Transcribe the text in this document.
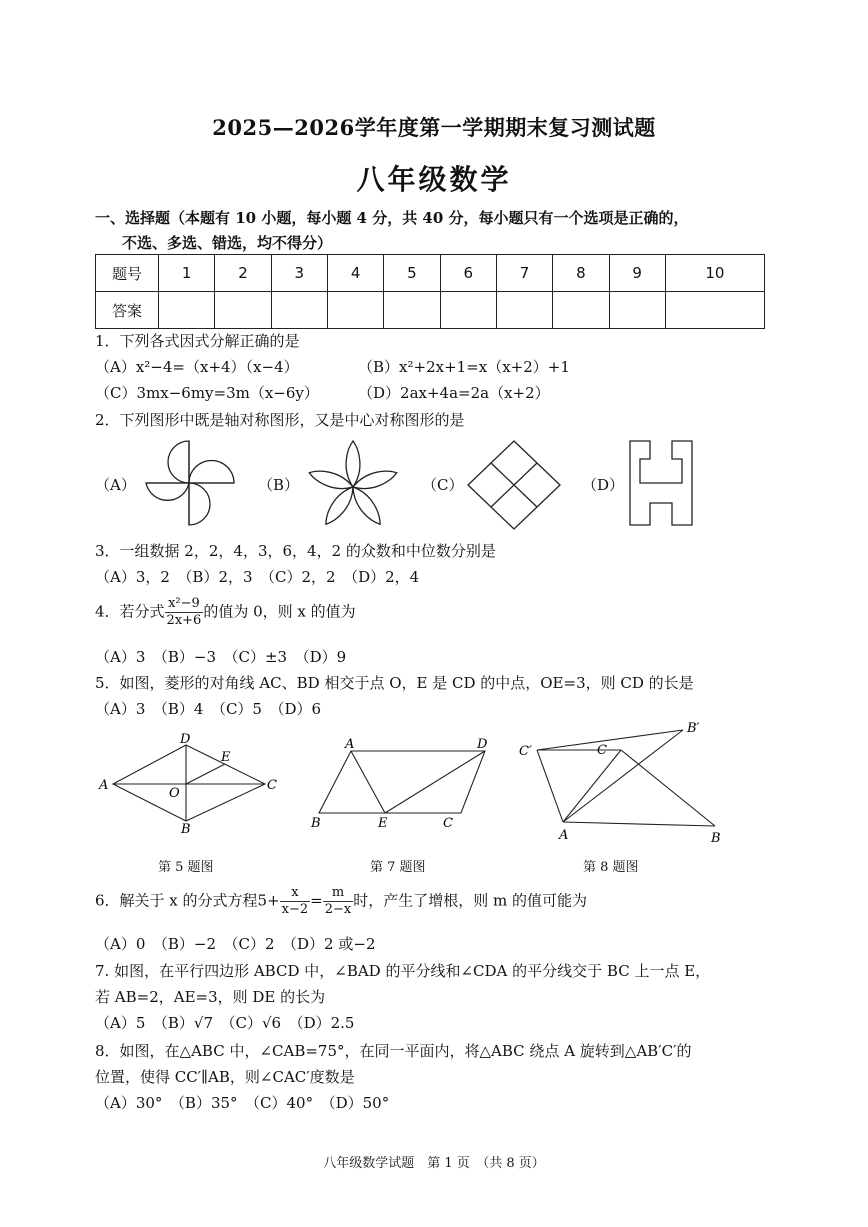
2025—2026学年度第一学期期末复习测试题
八年级数学
一、选择题（本题有 10 小题，每小题 4 分，共 40 分，每小题只有一个选项是正确的，
不选、多选、错选，均不得分）
题号	1	2	3	4	5	6	7	8	9	10
答案										
1．下列各式因式分解正确的是
（A）x²−4=（x+4）（x−4）	（B）x²+2x+1=x（x+2）+1
（C）3mx−6my=3m（x−6y）	（D）2ax+4a=2a（x+2）
2．下列图形中既是轴对称图形，又是中心对称图形的是
（A）	（B）	（C）	（D）
3．一组数据 2，2，4，3，6，4，2 的众数和中位数分别是
（A）3，2　（B）2，3　（C）2，2　（D）2，4
4．若分式 $\frac{\text{x²−9}}{2x+6}$ 的值为 0，则 x 的值为
（A）3　（B）−3　（C）±3　（D）9
5．如图，菱形的对角线 AC、BD 相交于点 O，E 是 CD 的中点，OE=3，则 CD 的长是
（A）3　（B）4　（C）5　（D）6
A
D
C
B
E
O
A	D
B	E	C
B′
C′	C
A	B
第 5 题图	第 7 题图	第 8 题图
6．解关于 x 的分式方程$5+ \frac{x}{x-2} = \frac{m}{2-x}$ 时，产生了增根，则 m 的值可能为
（A）0　（B）−2　（C）2　（D）2 或−2
7. 如图，在平行四边形 ABCD 中，∠BAD 的平分线和∠CDA 的平分线交于 BC 上一点 E，
若 AB=2，AE=3，则 DE 的长为
（A）5　（B）√7　（C）√6　（D）2.5
8．如图，在△ABC 中，∠CAB=75°，在同一平面内，将△ABC 绕点 A 旋转到△AB′C′的
位置，使得 CC′∥AB，则∠CAC′度数是
（A）30°　（B）35°　（C）40°　（D）50°
八年级数学试题　第 1 页　（共 8 页）
